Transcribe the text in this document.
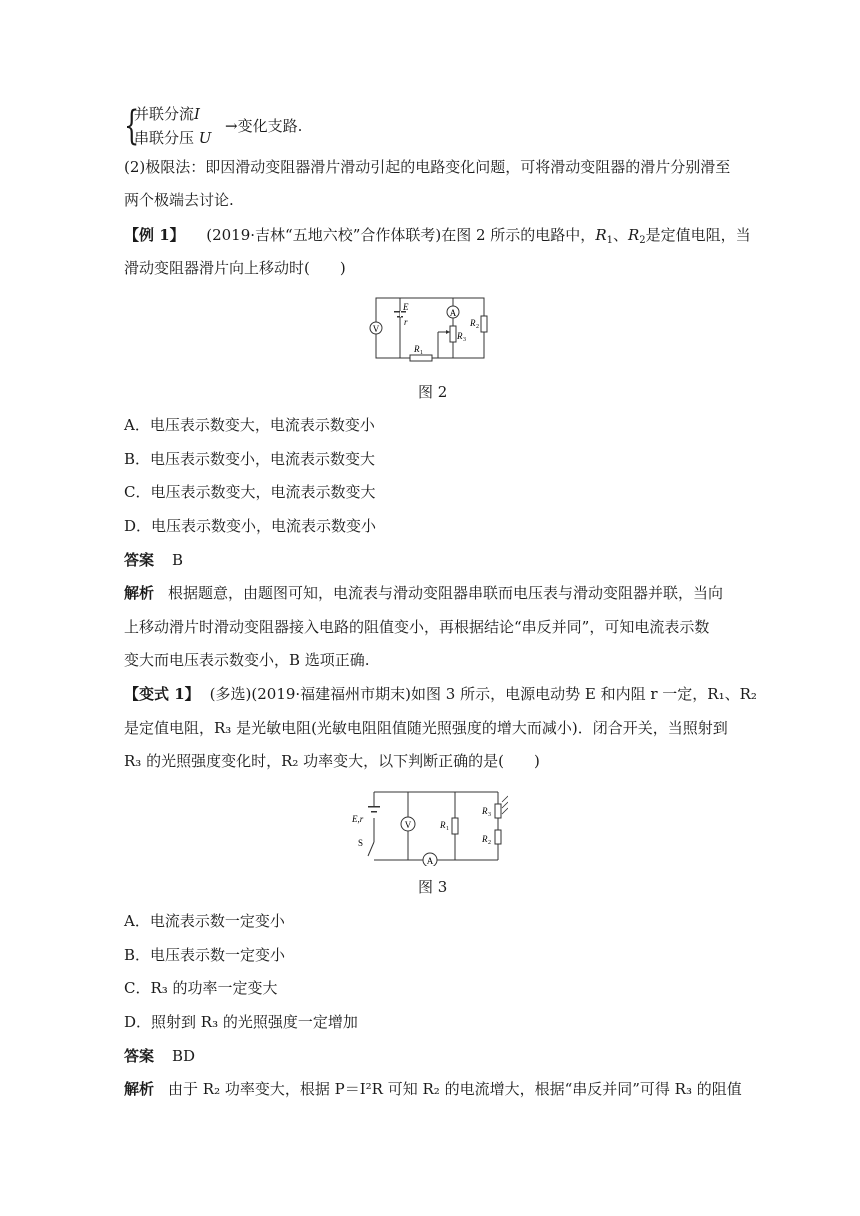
{
并联分流I
串联分压 U
→变化支路.
(2)极限法：即因滑动变阻器滑片滑动引起的电路变化问题，可将滑动变阻器的滑片分别滑至
两个极端去讨论.
【例 1】 (2019·吉林“五地六校”合作体联考)在图 2 所示的电路中，$R_1$、$R_2$是定值电阻，当
滑动变阻器滑片向上移动时(　　)
V
A
E
r
R 1
R 2
R 3
图 2
A．电压表示数变大，电流表示数变小
B．电压表示数变小，电流表示数变大
C．电压表示数变大，电流表示数变大
D．电压表示数变小，电流表示数变小
答案 B
解析 根据题意，由题图可知，电流表与滑动变阻器串联而电压表与滑动变阻器并联，当向
上移动滑片时滑动变阻器接入电路的阻值变小，再根据结论“串反并同”，可知电流表示数
变大而电压表示数变小，B 选项正确.
【变式 1】 (多选)(2019·福建福州市期末)如图 3 所示，电源电动势 E 和内阻 r 一定，R₁、R₂
是定值电阻，R₃ 是光敏电阻(光敏电阻阻值随光照强度的增大而减小)．闭合开关，当照射到
R₃ 的光照强度变化时，R₂ 功率变大，以下判断正确的是(　　)
V
A
E,r
S
R 1
R 3
R 2
图 3
A．电流表示数一定变小
B．电压表示数一定变小
C．R₃ 的功率一定变大
D．照射到 R₃ 的光照强度一定增加
答案 BD
解析 由于 R₂ 功率变大，根据 P＝I²R 可知 R₂ 的电流增大，根据“串反并同”可得 R₃ 的阻值
